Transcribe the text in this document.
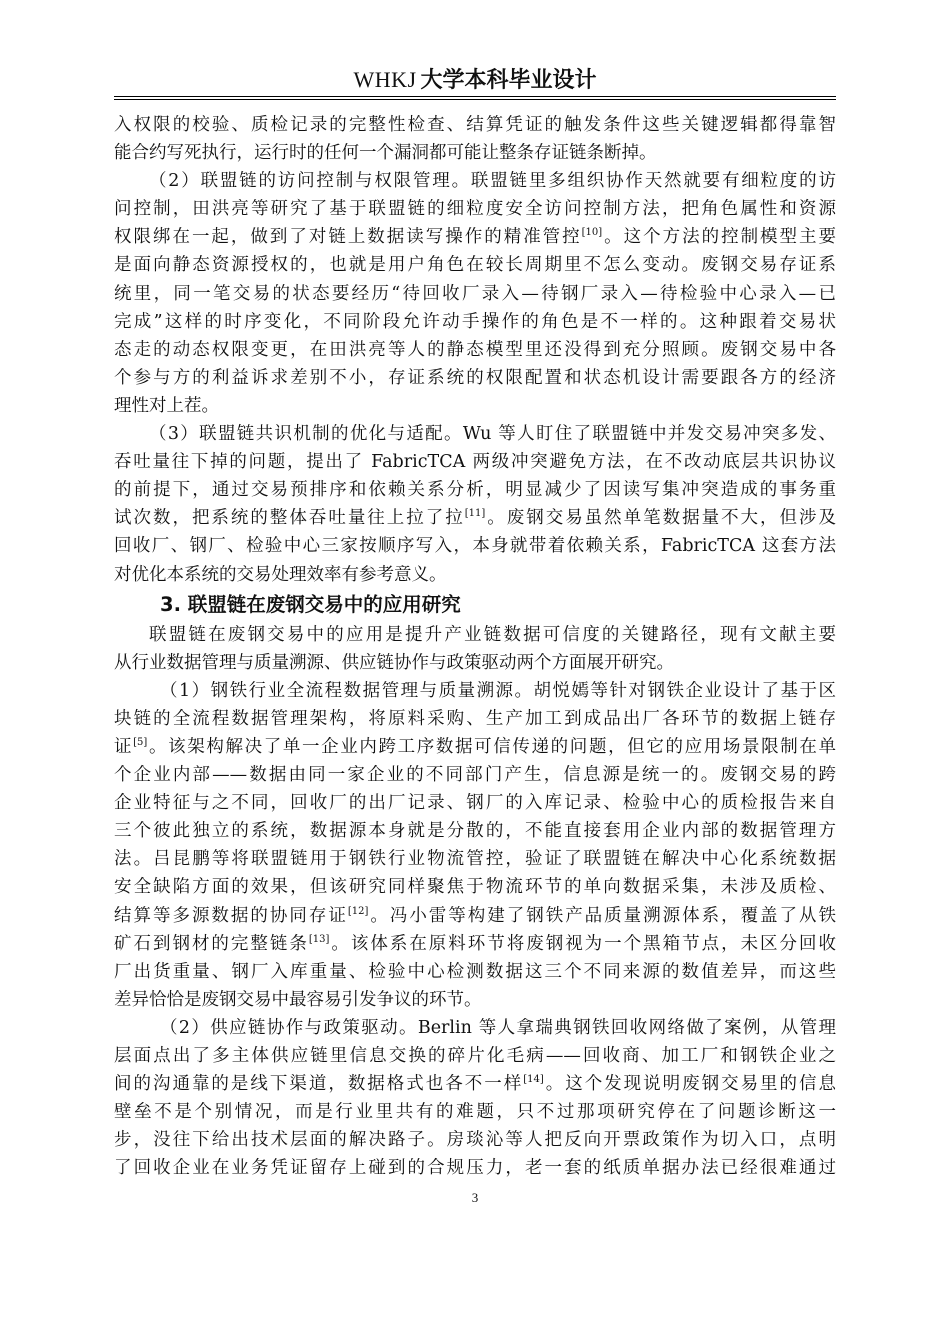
WHKJ 大学本科毕业设计

入权限的校验、质检记录的完整性检查、结算凭证的触发条件这些关键逻辑都得靠智

能合约写死执行，运行时的任何一个漏洞都可能让整条存证链条断掉。

（2）联盟链的访问控制与权限管理。联盟链里多组织协作天然就要有细粒度的访

问控制，田洪亮等研究了基于联盟链的细粒度安全访问控制方法，把角色属性和资源

权限绑在一起，做到了对链上数据读写操作的精准管控[10]。这个方法的控制模型主要

是面向静态资源授权的，也就是用户角色在较长周期里不怎么变动。废钢交易存证系

统里，同一笔交易的状态要经历“待回收厂录入—待钢厂录入—待检验中心录入—已

完成”这样的时序变化，不同阶段允许动手操作的角色是不一样的。这种跟着交易状

态走的动态权限变更，在田洪亮等人的静态模型里还没得到充分照顾。废钢交易中各

个参与方的利益诉求差别不小，存证系统的权限配置和状态机设计需要跟各方的经济

理性对上茬。

（3）联盟链共识机制的优化与适配。Wu 等人盯住了联盟链中并发交易冲突多发、

吞吐量往下掉的问题，提出了 FabricTCA 两级冲突避免方法，在不改动底层共识协议

的前提下，通过交易预排序和依赖关系分析，明显减少了因读写集冲突造成的事务重

试次数，把系统的整体吞吐量往上拉了拉[11]。废钢交易虽然单笔数据量不大，但涉及

回收厂、钢厂、检验中心三家按顺序写入，本身就带着依赖关系，FabricTCA 这套方法

对优化本系统的交易处理效率有参考意义。

3. 联盟链在废钢交易中的应用研究

联盟链在废钢交易中的应用是提升产业链数据可信度的关键路径，现有文献主要

从行业数据管理与质量溯源、供应链协作与政策驱动两个方面展开研究。

（1）钢铁行业全流程数据管理与质量溯源。胡悦嫣等针对钢铁企业设计了基于区

块链的全流程数据管理架构，将原料采购、生产加工到成品出厂各环节的数据上链存

证[5]。该架构解决了单一企业内跨工序数据可信传递的问题，但它的应用场景限制在单

个企业内部——数据由同一家企业的不同部门产生，信息源是统一的。废钢交易的跨

企业特征与之不同，回收厂的出厂记录、钢厂的入库记录、检验中心的质检报告来自

三个彼此独立的系统，数据源本身就是分散的，不能直接套用企业内部的数据管理方

法。吕昆鹏等将联盟链用于钢铁行业物流管控，验证了联盟链在解决中心化系统数据

安全缺陷方面的效果，但该研究同样聚焦于物流环节的单向数据采集，未涉及质检、

结算等多源数据的协同存证[12]。冯小雷等构建了钢铁产品质量溯源体系，覆盖了从铁

矿石到钢材的完整链条[13]。该体系在原料环节将废钢视为一个黑箱节点，未区分回收

厂出货重量、钢厂入库重量、检验中心检测数据这三个不同来源的数值差异，而这些

差异恰恰是废钢交易中最容易引发争议的环节。

（2）供应链协作与政策驱动。Berlin 等人拿瑞典钢铁回收网络做了案例，从管理

层面点出了多主体供应链里信息交换的碎片化毛病——回收商、加工厂和钢铁企业之

间的沟通靠的是线下渠道，数据格式也各不一样[14]。这个发现说明废钢交易里的信息

壁垒不是个别情况，而是行业里共有的难题，只不过那项研究停在了问题诊断这一

步，没往下给出技术层面的解决路子。房琰沁等人把反向开票政策作为切入口，点明

了回收企业在业务凭证留存上碰到的合规压力，老一套的纸质单据办法已经很难通过

3
